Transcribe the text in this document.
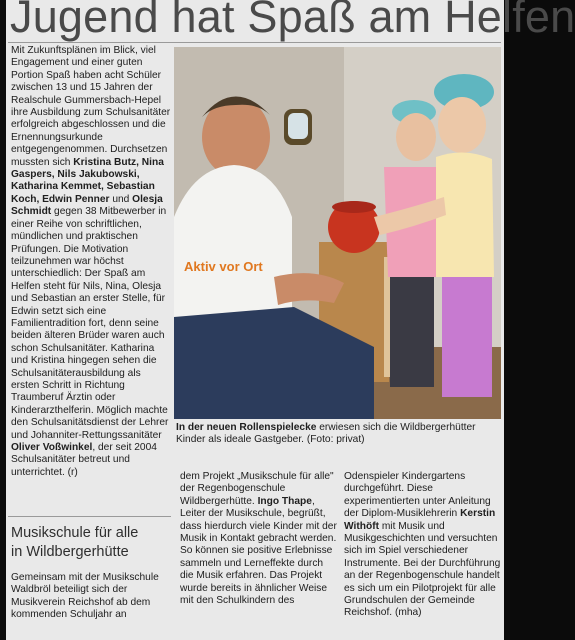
Jugend hat Spaß am Helfen

Mit Zukunftsplänen im Blick, viel Engagement und einer guten Portion Spaß haben acht Schüler zwischen 13 und 15 Jahren der Realschule Gummersbach-Hepel ihre Ausbildung zum Schulsanitäter erfolgreich abgeschlossen und die Ernennungsurkunde entgegengenommen. Durchsetzen mussten sich Kristina Butz, Nina Gaspers, Nils Jakubowski, Katharina Kemmet, Sebastian Koch, Edwin Penner und Olesja Schmidt gegen 38 Mitbewerber in einer Reihe von schriftlichen, mündlichen und praktischen Prüfungen. Die Motivation teilzunehmen war höchst unterschiedlich: Der Spaß am Helfen steht für Nils, Nina, Olesja und Sebastian an erster Stelle, für Edwin setzt sich eine Familientradition fort, denn seine beiden älteren Brüder waren auch schon Schulsanitäter. Katharina und Kristina hingegen sehen die Schulsanitäterausbildung als ersten Schritt in Richtung Traumberuf Ärztin oder Kinderarzthelferin. Möglich machte den Schulsanitätsdienst der Lehrer und Johanniter-Rettungssanitäter Oliver Voßwinkel, der seit 2004 Schulsanitäter betreut und unterrichtet. (r)

Aktiv vor Ort
In der neuen Rollenspielecke erwiesen sich die Wildbergerhütter Kinder als ideale Gastgeber. (Foto: privat)
Musikschule für alle
in Wildbergerhütte

Gemeinsam mit der Musikschule Waldbröl beteiligt sich der Musikverein Reichshof ab dem kommenden Schuljahr an

dem Projekt „Musikschule für alle" der Regenbogenschule Wildbergerhütte. Ingo Thape, Leiter der Musikschule, begrüßt, dass hierdurch viele Kinder mit der Musik in Kontakt gebracht werden. So können sie positive Erlebnisse sammeln und Lerneffekte durch die Musik erfahren. Das Projekt wurde bereits in ähnlicher Weise mit den Schulkindern des

Odenspieler Kindergartens durchgeführt. Diese experimentierten unter Anleitung der Diplom-Musiklehrerin Kerstin Withöft mit Musik und Musikgeschichten und versuchten sich im Spiel verschiedener Instrumente. Bei der Durchführung an der Regenbogenschule handelt es sich um ein Pilotprojekt für alle Grundschulen der Gemeinde Reichshof. (mha)
